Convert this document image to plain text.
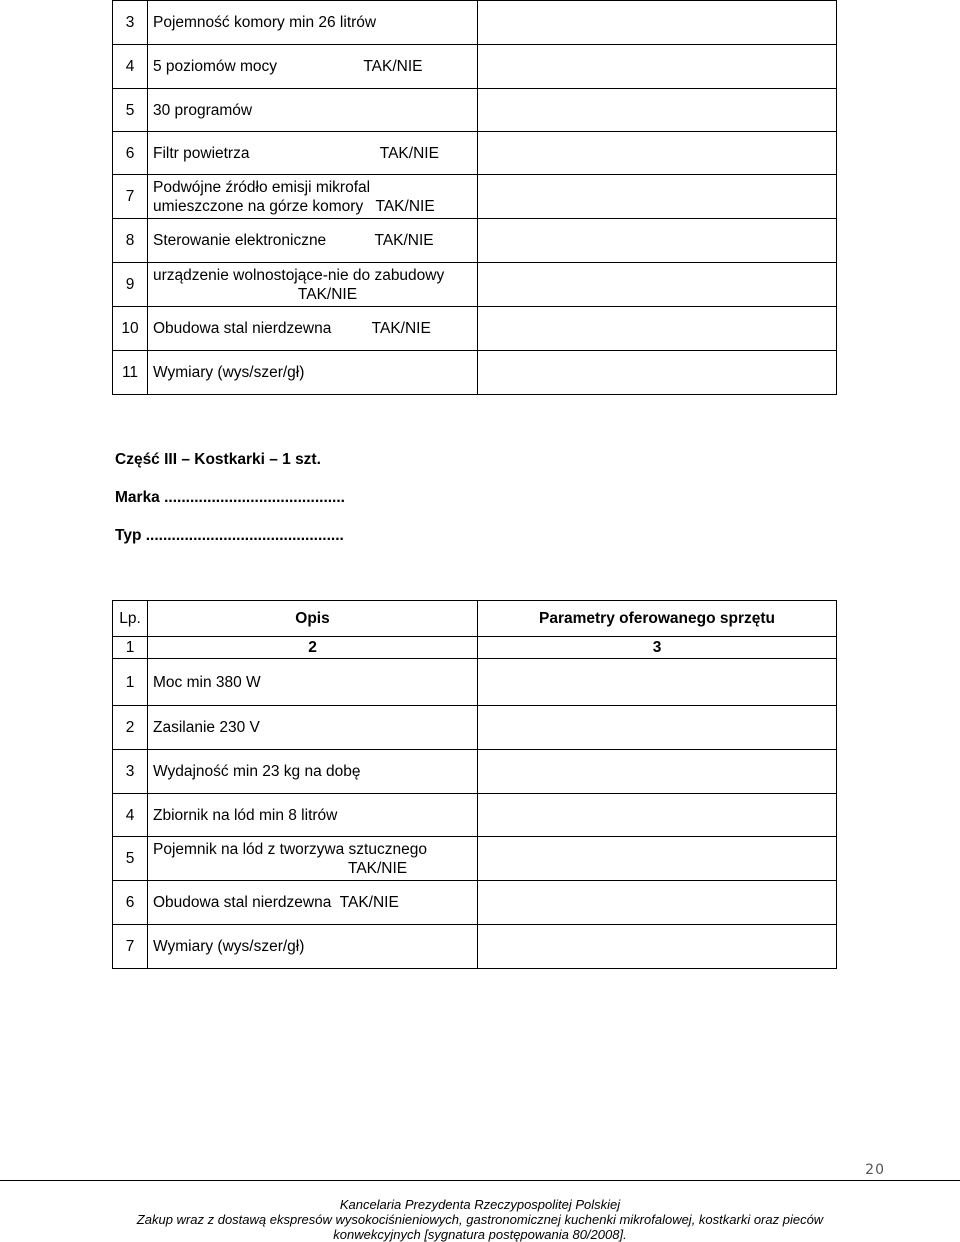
3	Pojemność komory min 26 litrów	
4	5 poziomów mocy TAK/NIE	
5	30 programów	
6	Filtr powietrza TAK/NIE	
7	Podwójne źródło emisji mikrofal
umieszczone na górze komory TAK/NIE	

8	Sterowanie elektroniczne TAK/NIE	
9	urządzenie wolnostojące-nie do zabudowy
TAK/NIE	

10	Obudowa stal nierdzewna TAK/NIE	
11	Wymiary (wys/szer/gł)	
Część III – Kostkarki – 1 szt.
Marka ..........................................
Typ ..............................................
Lp.	Opis	Parametry oferowanego sprzętu
1	2	3
1	Moc min 380 W	
2	Zasilanie 230 V	
3	Wydajność min 23 kg na dobę	
4	Zbiornik na lód min 8 litrów	
5	Pojemnik na lód z tworzywa sztucznego
TAK/NIE	

6	Obudowa stal nierdzewna TAK/NIE	
7	Wymiary (wys/szer/gł)	
20
Kancelaria Prezydenta Rzeczypospolitej Polskiej
Zakup wraz z dostawą ekspresów wysokociśnieniowych, gastronomicznej kuchenki mikrofalowej, kostkarki oraz pieców
konwekcyjnych [sygnatura postępowania 80/2008].
